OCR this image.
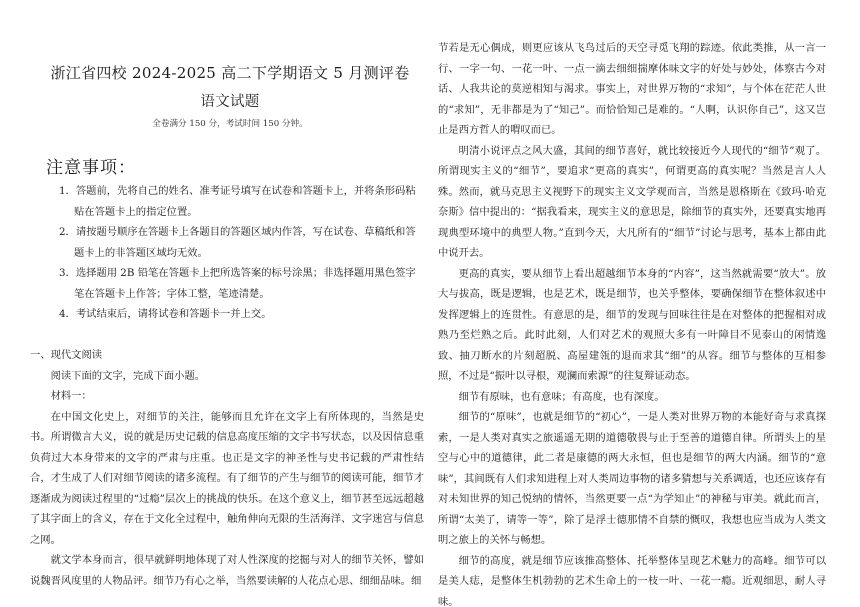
浙江省四校 2024-2025 高二下学期语文 5 月测评卷
语文试题
全卷满分 150 分，考试时间 150 分钟。
注意事项：

1．答题前，先将自己的姓名、准考证号填写在试卷和答题卡上，并将条形码粘贴在答题卡上的指定位置。

2．请按题号顺序在答题卡上各题目的答题区域内作答，写在试卷、草稿纸和答题卡上的非答题区域均无效。

3．选择题用 2B 铅笔在答题卡上把所选答案的标号涂黑；非选择题用黑色签字笔在答题卡上作答；字体工整，笔迹清楚。

4．考试结束后，请将试卷和答题卡一并上交。

一、现代文阅读

阅读下面的文字，完成下面小题。

材料一：

在中国文化史上，对细节的关注，能够而且允许在文字上有所体现的，当然是史书。所谓微言大义，说的就是历史记载的信息高度压缩的文字书写状态，以及因信息重负荷过大本身带来的文字的严肃与庄重。也正是文字的神圣性与史书记载的严肃性结合，才生成了人们对细节阅读的诸多流程。有了细节的产生与细节的阅读可能，细节才逐渐成为阅读过程里的“过瘾”层次上的挑战的快乐。在这个意义上，细节甚至远远超越了其字面上的含义，存在于文化全过程中，触角伸向无限的生活海洋、文字迷宫与信息之网。

就文学本身而言，很早就鲜明地体现了对人性深度的挖掘与对人的细节关怀，譬如说魏晋风度里的人物品评。细节乃有心之举，当然要读解的人花点心思、细细品味。细

节若是无心偶成，则更应该从飞鸟过后的天空寻觅飞翔的踪迹。依此类推，从一言一行、一字一句、一花一叶、一点一滴去细细揣摩体味文字的好处与妙处，体察古今对话、人我共论的莫逆相知与渴求。事实上，对世界万物的“求知”，与个体在茫茫人世的“求知”，无非都是为了“知己”。而恰恰知己是难的。“人啊，认识你自己”，这又岂止是西方哲人的喟叹而已。

明清小说评点之风大盛，其间的细节喜好，就比较接近今人现代的“细节”观了。所谓现实主义的“细节”，要追求“更高的真实”，何谓更高的真实呢？当然是言人人殊。然而，就马克思主义视野下的现实主义文学观而言，当然是恩格斯在《致玛·哈克奈斯》信中提出的：“据我看来，现实主义的意思是，除细节的真实外，还要真实地再现典型环境中的典型人物。”直到今天，大凡所有的“细节”讨论与思考，基本上都由此中说开去。

更高的真实，要从细节上看出超越细节本身的“内容”，这当然就需要“放大”。放大与拔高，既是逻辑，也是艺术，既是细节，也关乎整体，要确保细节在整体叙述中发挥逻辑上的连贯性。有意思的是，细节的发现与回味往往是在对整体的把握相对成熟乃至烂熟之后。此时此刻，人们对艺术的观照大多有一叶障目不见泰山的闲情逸致、抽刀断水的片刻超脱、高屋建瓴的退而求其“细”的从容。细节与整体的互相参照，不过是“振叶以寻根，观澜而索源”的往复辩证动态。

细节有原味，也有意味；有高度，也有深度。

细节的“原味”，也就是细节的“初心”，一是人类对世界万物的本能好奇与求真探索，一是人类对真实之旅遥遥无期的道德敬畏与止于至善的道德自律。所谓头上的星空与心中的道德律，此二者是康德的两大永恒，但也是细节的两大内涵。细节的“意味”，其间既有人们求知进程上对人类周边事物的诸多猜想与关系调适，也还应该存有对未知世界的知己悦纳的情怀，当然更要一点“为学知止”的神秘与审美。就此而言，所谓“太美了，请等一等”，除了是浮士德那情不自禁的慨叹，我想也应当成为人类文明之旅上的关怀与畅想。

细节的高度，就是细节应该推高整体、托举整体呈现艺术魅力的高峰。细节可以是美人痣，是整体生机勃勃的艺术生命上的一枝一叶、一花一瘾。近观细思，耐人寻味。
